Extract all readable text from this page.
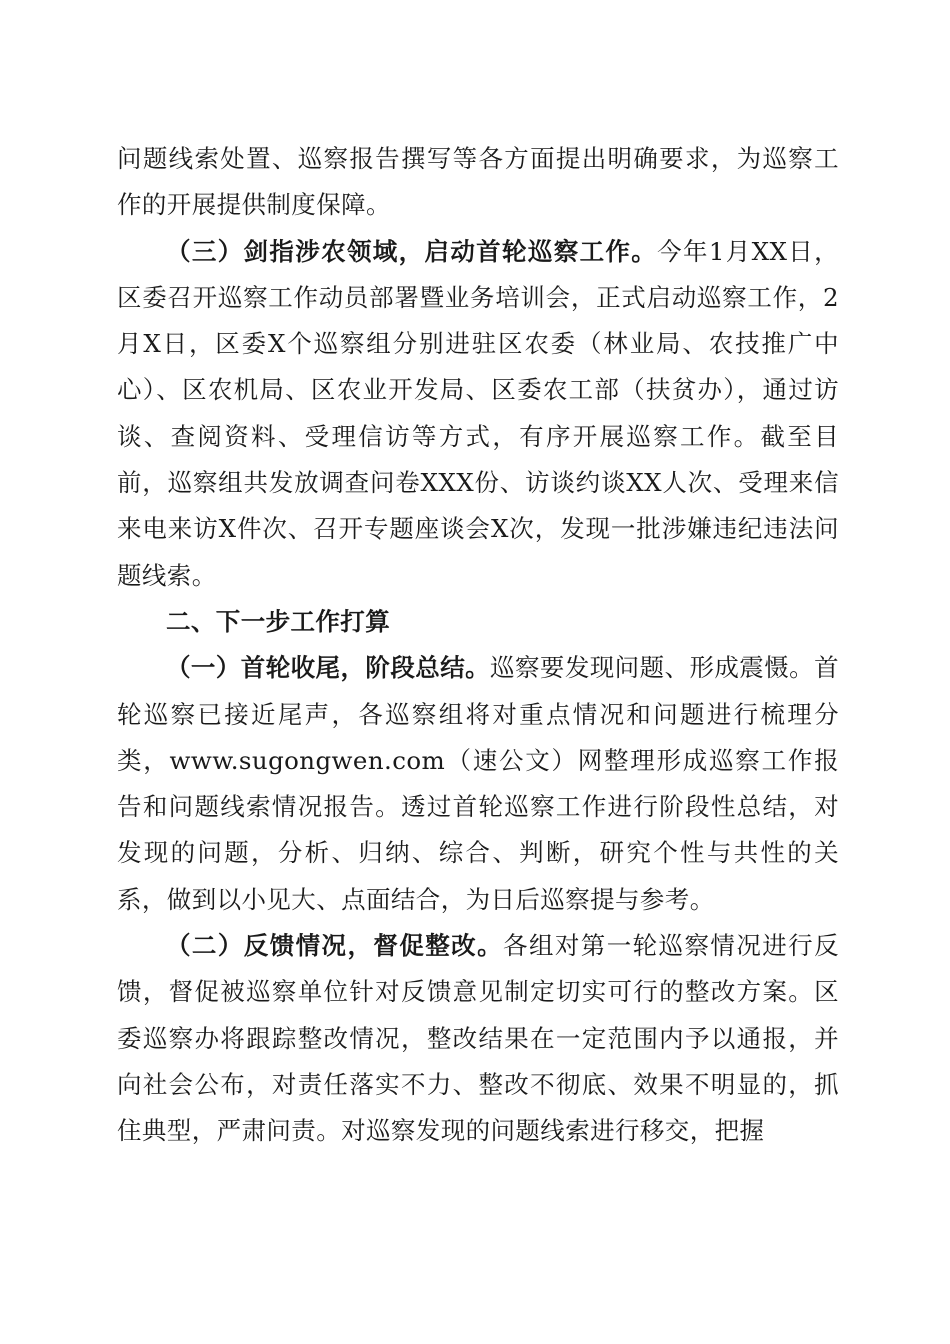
问题线索处置、巡察报告撰写等各方面提出明确要求，为巡察工作的开展提供制度保障。

（三）剑指涉农领域，启动首轮巡察工作。今年1月XX日，区委召开巡察工作动员部署暨业务培训会，正式启动巡察工作，2月X日，区委X个巡察组分别进驻区农委（林业局、农技推广中心）、区农机局、区农业开发局、区委农工部（扶贫办），通过访谈、查阅资料、受理信访等方式，有序开展巡察工作。截至目前，巡察组共发放调查问卷XXX份、访谈约谈XX人次、受理来信来电来访X件次、召开专题座谈会X次，发现一批涉嫌违纪违法问题线索。

二、下一步工作打算

（一）首轮收尾，阶段总结。巡察要发现问题、形成震慑。首轮巡察已接近尾声，各巡察组将对重点情况和问题进行梳理分类，www.sugongwen.com（速公文）网整理形成巡察工作报告和问题线索情况报告。透过首轮巡察工作进行阶段性总结，对发现的问题，分析、归纳、综合、判断，研究个性与共性的关系，做到以小见大、点面结合，为日后巡察提与参考。

（二）反馈情况，督促整改。各组对第一轮巡察情况进行反馈，督促被巡察单位针对反馈意见制定切实可行的整改方案。区委巡察办将跟踪整改情况，整改结果在一定范围内予以通报，并向社会公布，对责任落实不力、整改不彻底、效果不明显的，抓住典型，严肃问责。对巡察发现的问题线索进行移交，把握
